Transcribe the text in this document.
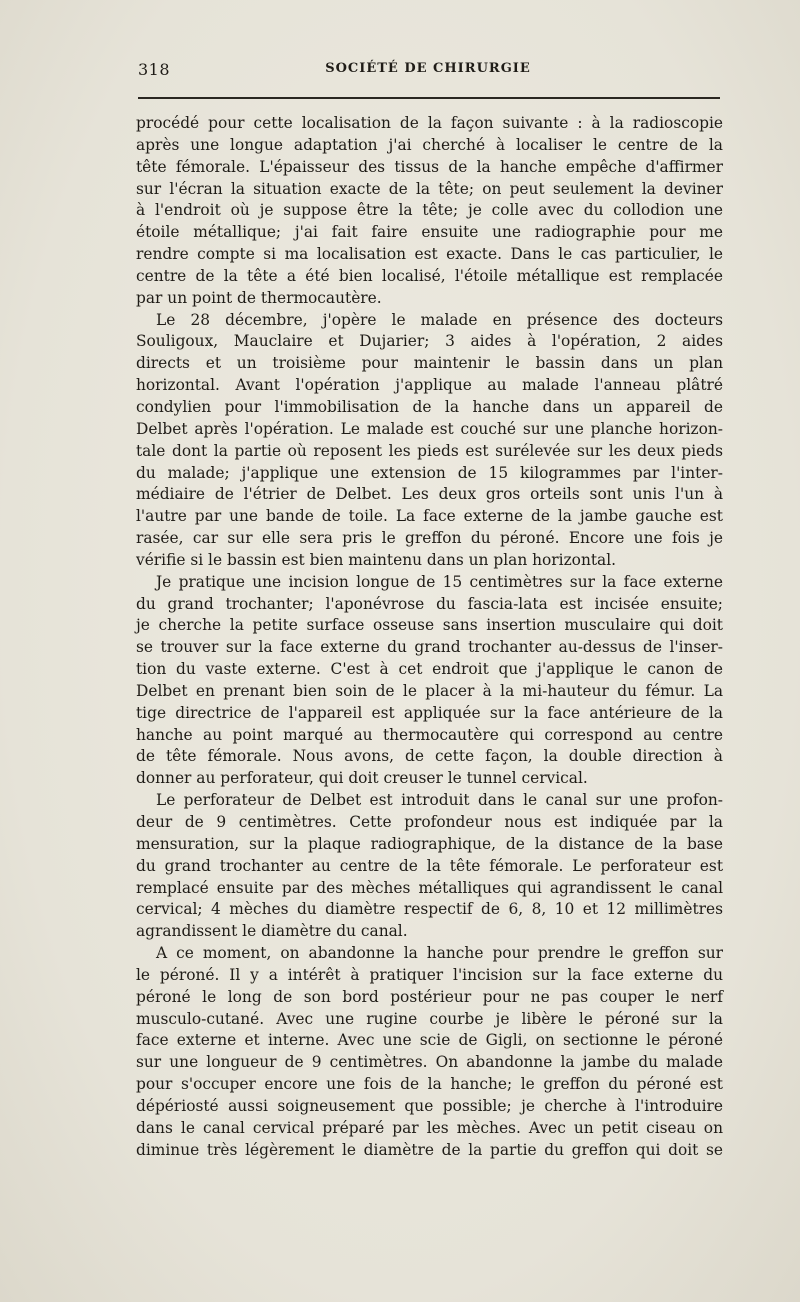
318	SOCIÉTÉ DE CHIRURGIE
procédé pour cette localisation de la façon suivante : à la radioscopie
après une longue adaptation j'ai cherché à localiser le centre de la
tête fémorale. L'épaisseur des tissus de la hanche empêche d'affirmer
sur l'écran la situation exacte de la tête; on peut seulement la deviner
à l'endroit où je suppose être la tête; je colle avec du collodion une
étoile métallique; j'ai fait faire ensuite une radiographie pour me
rendre compte si ma localisation est exacte. Dans le cas particulier, le
centre de la tête a été bien localisé, l'étoile métallique est remplacée
par un point de thermocautère.
Le 28 décembre, j'opère le malade en présence des docteurs
Souligoux, Mauclaire et Dujarier; 3 aides à l'opération, 2 aides
directs et un troisième pour maintenir le bassin dans un plan
horizontal. Avant l'opération j'applique au malade l'anneau plâtré
condylien pour l'immobilisation de la hanche dans un appareil de
Delbet après l'opération. Le malade est couché sur une planche horizon-
tale dont la partie où reposent les pieds est surélevée sur les deux pieds
du malade; j'applique une extension de 15 kilogrammes par l'inter-
médiaire de l'étrier de Delbet. Les deux gros orteils sont unis l'un à
l'autre par une bande de toile. La face externe de la jambe gauche est
rasée, car sur elle sera pris le greffon du péroné. Encore une fois je
vérifie si le bassin est bien maintenu dans un plan horizontal.
Je pratique une incision longue de 15 centimètres sur la face externe
du grand trochanter; l'aponévrose du fascia-lata est incisée ensuite;
je cherche la petite surface osseuse sans insertion musculaire qui doit
se trouver sur la face externe du grand trochanter au-dessus de l'inser-
tion du vaste externe. C'est à cet endroit que j'applique le canon de
Delbet en prenant bien soin de le placer à la mi-hauteur du fémur. La
tige directrice de l'appareil est appliquée sur la face antérieure de la
hanche au point marqué au thermocautère qui correspond au centre
de tête fémorale. Nous avons, de cette façon, la double direction à
donner au perforateur, qui doit creuser le tunnel cervical.
Le perforateur de Delbet est introduit dans le canal sur une profon-
deur de 9 centimètres. Cette profondeur nous est indiquée par la
mensuration, sur la plaque radiographique, de la distance de la base
du grand trochanter au centre de la tête fémorale. Le perforateur est
remplacé ensuite par des mèches métalliques qui agrandissent le canal
cervical; 4 mèches du diamètre respectif de 6, 8, 10 et 12 millimètres
agrandissent le diamètre du canal.
A ce moment, on abandonne la hanche pour prendre le greffon sur
le péroné. Il y a intérêt à pratiquer l'incision sur la face externe du
péroné le long de son bord postérieur pour ne pas couper le nerf
musculo-cutané. Avec une rugine courbe je libère le péroné sur la
face externe et interne. Avec une scie de Gigli, on sectionne le péroné
sur une longueur de 9 centimètres. On abandonne la jambe du malade
pour s'occuper encore une fois de la hanche; le greffon du péroné est
dépériosté aussi soigneusement que possible; je cherche à l'introduire
dans le canal cervical préparé par les mèches. Avec un petit ciseau on
diminue très légèrement le diamètre de la partie du greffon qui doit se
